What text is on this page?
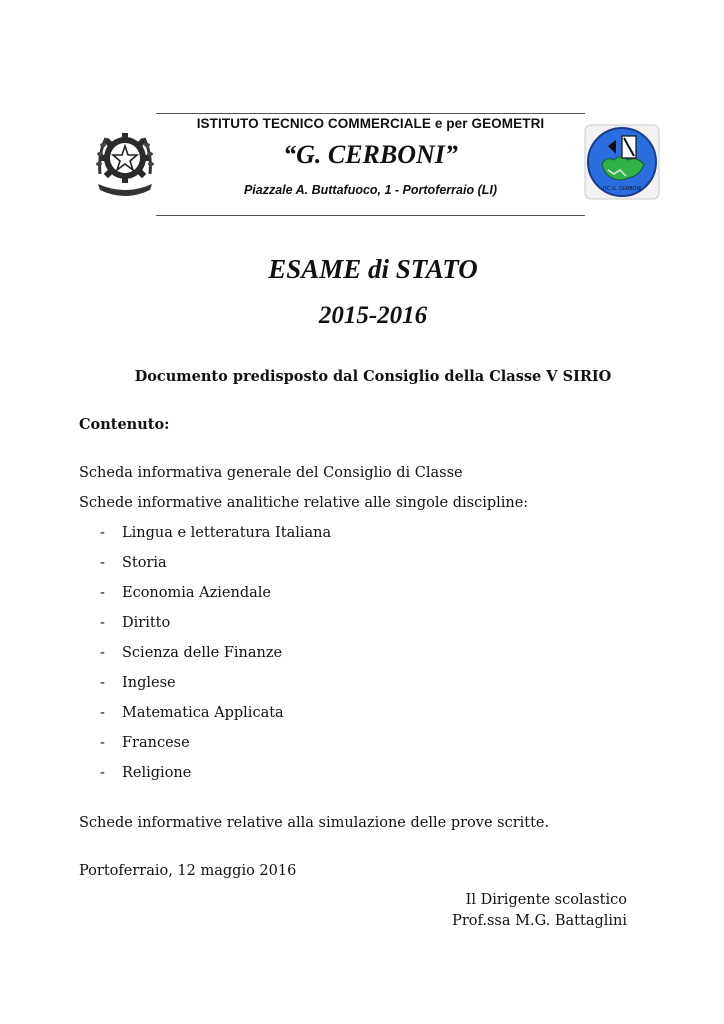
ISTITUTO TECNICO COMMERCIALE e per GEOMETRI
“G. CERBONI”
Piazzale A. Buttafuoco, 1 - Portoferraio (LI)	ITC G. CERBONI
ESAME di STATO
2015-2016
Documento predisposto dal Consiglio della Classe V SIRIO
Contenuto:
Scheda informativa generale del Consiglio di Classe
Schede informative analitiche relative alle singole discipline:
- Lingua e letteratura Italiana
- Storia
- Economia Aziendale
- Diritto
- Scienza delle Finanze
- Inglese
- Matematica Applicata
- Francese
- Religione
Schede informative relative alla simulazione delle prove scritte.
Portoferraio, 12 maggio 2016
Il Dirigente scolastico
Prof.ssa M.G. Battaglini
